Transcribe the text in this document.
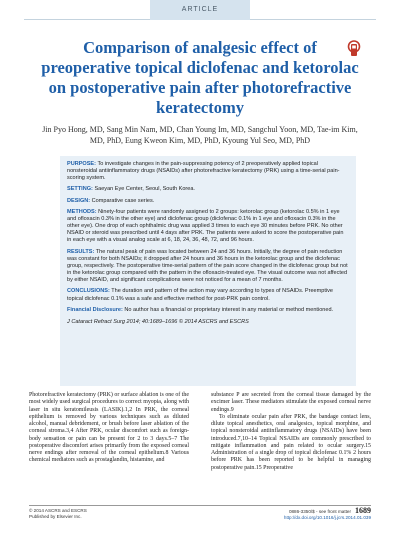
ARTICLE
Comparison of analgesic effect of preoperative topical diclofenac and ketorolac on postoperative pain after photorefractive keratectomy
Jin Pyo Hong, MD, Sang Min Nam, MD, Chan Young Im, MD, Sangchul Yoon, MD, Tae-im Kim, MD, PhD, Eung Kweon Kim, MD, PhD, Kyoung Yul Seo, MD, PhD

PURPOSE: To investigate changes in the pain-suppressing potency of 2 preoperatively applied topical nonsteroidal antiinflammatory drugs (NSAIDs) after photorefractive keratectomy (PRK) using a time-serial pain-scoring system.

SETTING: Saeyan Eye Center, Seoul, South Korea.

DESIGN: Comparative case series.

METHODS: Ninety-four patients were randomly assigned to 2 groups: ketorolac group (ketorolac 0.5% in 1 eye and ofloxacin 0.3% in the other eye) and diclofenac group (diclofenac 0.1% in 1 eye and ofloxacin 0.3% in the other eye). One drop of each ophthalmic drug was applied 3 times to each eye 30 minutes before PRK. No other NSAID or steroid was prescribed until 4 days after PRK. The patients were asked to score the postoperative pain in each eye with a visual analog scale at 6, 18, 24, 36, 48, 72, and 96 hours.

RESULTS: The natural peak of pain was located between 24 and 36 hours. Initially, the degree of pain reduction was constant for both NSAIDs; it dropped after 24 hours and 36 hours in the ketorolac group and the diclofenac group, respectively. The postoperative time-serial pattern of the pain score changed in the diclofenac group but not in the ketorolac group compared with the pattern in the ofloxacin-treated eye. The visual outcome was not affected by either NSAID, and significant complications were not noticed for a mean of 7 months.

CONCLUSIONS: The duration and pattern of the action may vary according to types of NSAIDs. Preemptive topical diclofenac 0.1% was a safe and effective method for post-PRK pain control.

Financial Disclosure: No author has a financial or proprietary interest in any material or method mentioned.

J Cataract Refract Surg 2014; 40:1689–1696 © 2014 ASCRS and ESCRS

Photorefractive keratectomy (PRK) or surface ablation is one of the most widely used surgical procedures to correct myopia, along with laser in situ keratomileusis (LASIK).1,2 In PRK, the corneal epithelium is removed by various techniques such as diluted alcohol, manual debridement, or brush before laser ablation of the corneal stroma.3,4 After PRK, ocular discomfort such as foreign-body sensation or pain can be present for 2 to 3 days.5–7 The postoperative discomfort arises primarily from the exposed corneal nerve endings after removal of the corneal epithelium.8 Various chemical mediators such as prostaglandin, histamine, and

substance P are secreted from the corneal tissue damaged by the excimer laser. These mediators stimulate the exposed corneal nerve endings.9

To eliminate ocular pain after PRK, the bandage contact lens, dilute topical anesthetics, oral analgesics, topical morphine, and topical nonsteroidal antiinflammatory drugs (NSAIDs) have been introduced.7,10–14 Topical NSAIDs are commonly prescribed to mitigate inflammation and pain related to ocular surgery.15 Administration of a single drop of topical diclofenac 0.1% 2 hours before PRK has been reported to be helpful in managing postoperative pain.15 Preoperative

© 2014 ASCRS and ESCRS
Published by Elsevier Inc.
0886-3350/$ - see front matter 1689
http://dx.doi.org/10.1016/j.jcrs.2014.01.039
